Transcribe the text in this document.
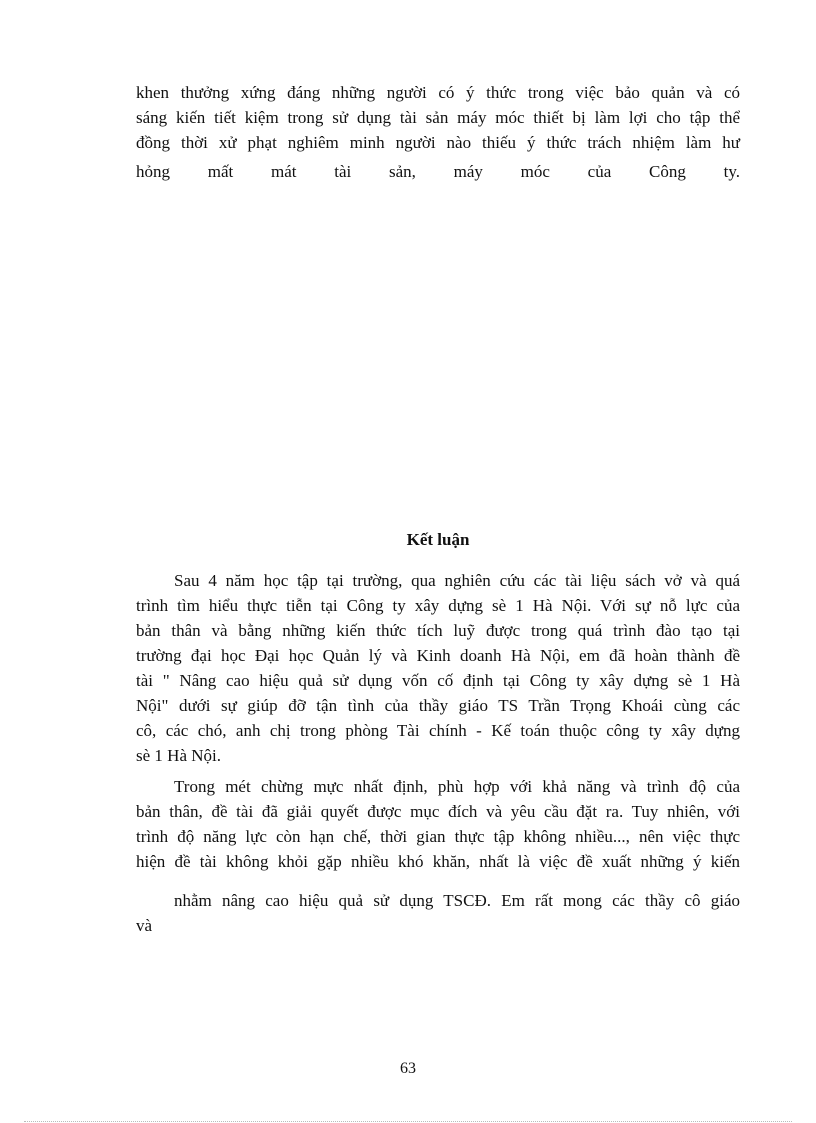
khen thưởng xứng đáng những người có ý thức trong việc bảo quản và có
sáng kiến tiết kiệm trong sử dụng tài sản máy móc thiết bị làm lợi cho tập thể
đồng thời xử phạt nghiêm minh người nào thiếu ý thức trách nhiệm làm hư
hỏng mất mát tài sản, máy móc của Công ty.
Kết luận
Sau 4 năm học tập tại trường, qua nghiên cứu các tài liệu sách vở và quá
trình tìm hiểu thực tiễn tại Công ty xây dựng sè 1 Hà Nội. Với sự nỗ lực của
bản thân và bằng những kiến thức tích luỹ được trong quá trình đào tạo tại
trường đại học Đại học Quản lý và Kinh doanh Hà Nội, em đã hoàn thành đề
tài " Nâng cao hiệu quả sử dụng vốn cố định tại Công ty xây dựng sè 1 Hà
Nội" dưới sự giúp đỡ tận tình của thầy giáo TS Trần Trọng Khoái cùng các
cô, các chó, anh chị trong phòng Tài chính - Kế toán thuộc công ty xây dựng
sè 1 Hà Nội.
Trong mét chừng mực nhất định, phù hợp với khả năng và trình độ của
bản thân, đề tài đã giải quyết được mục đích và yêu cầu đặt ra. Tuy nhiên, với
trình độ năng lực còn hạn chế, thời gian thực tập không nhiều..., nên việc thực
hiện đề tài không khỏi gặp nhiều khó khăn, nhất là việc đề xuất những ý kiến
nhằm nâng cao hiệu quả sử dụng TSCĐ. Em rất mong các thầy cô giáo
và
63
